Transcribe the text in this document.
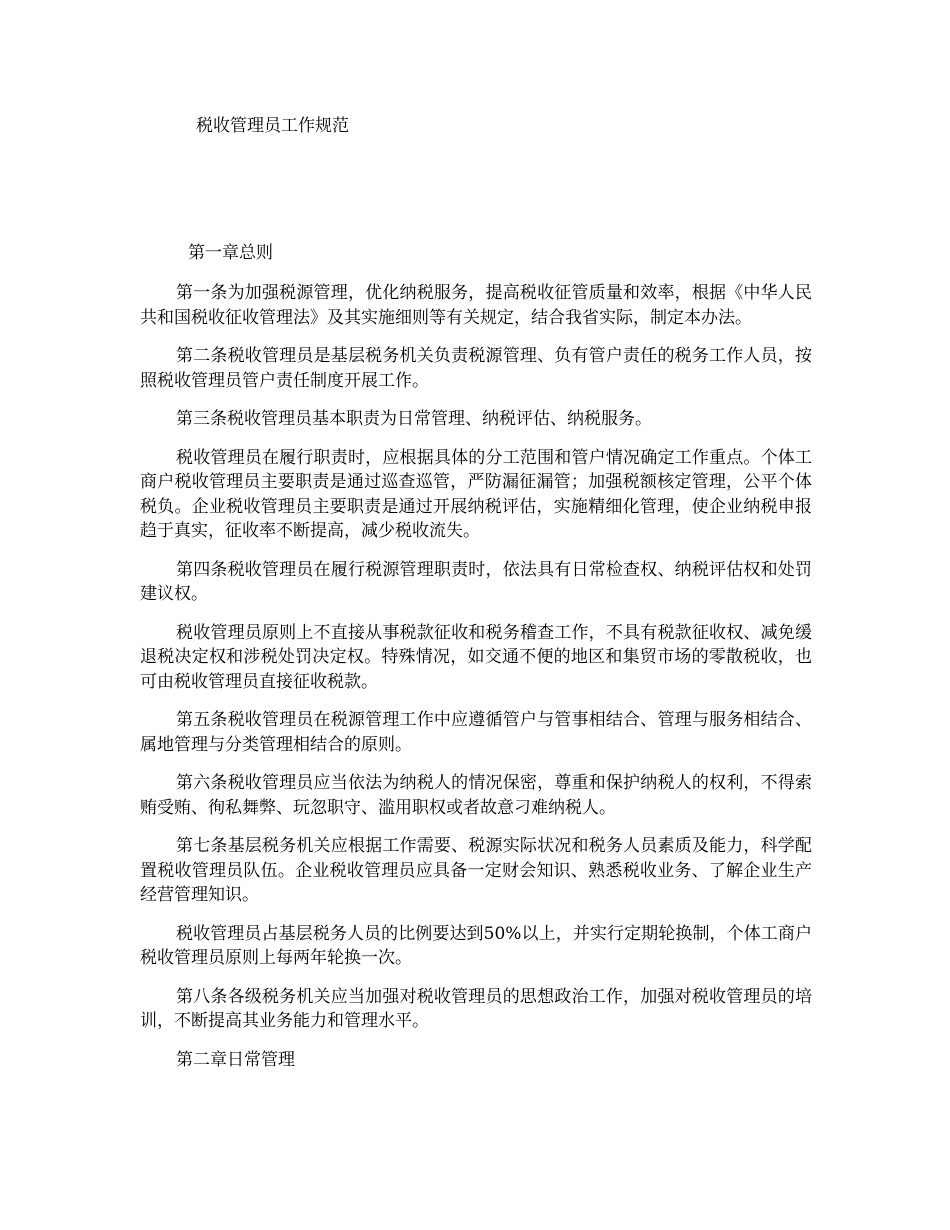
税收管理员工作规范
第一章总则

第一条为加强税源管理，优化纳税服务，提高税收征管质量和效率，根据《中华人民共和国税收征收管理法》及其实施细则等有关规定，结合我省实际，制定本办法。

第二条税收管理员是基层税务机关负责税源管理、负有管户责任的税务工作人员，按照税收管理员管户责任制度开展工作。

第三条税收管理员基本职责为日常管理、纳税评估、纳税服务。

税收管理员在履行职责时，应根据具体的分工范围和管户情况确定工作重点。个体工商户税收管理员主要职责是通过巡查巡管，严防漏征漏管；加强税额核定管理，公平个体税负。企业税收管理员主要职责是通过开展纳税评估，实施精细化管理，使企业纳税申报趋于真实，征收率不断提高，减少税收流失。

第四条税收管理员在履行税源管理职责时，依法具有日常检查权、纳税评估权和处罚建议权。

税收管理员原则上不直接从事税款征收和税务稽查工作，不具有税款征收权、减免缓退税决定权和涉税处罚决定权。特殊情况，如交通不便的地区和集贸市场的零散税收，也可由税收管理员直接征收税款。

第五条税收管理员在税源管理工作中应遵循管户与管事相结合、管理与服务相结合、属地管理与分类管理相结合的原则。

第六条税收管理员应当依法为纳税人的情况保密，尊重和保护纳税人的权利，不得索贿受贿、徇私舞弊、玩忽职守、滥用职权或者故意刁难纳税人。

第七条基层税务机关应根据工作需要、税源实际状况和税务人员素质及能力，科学配置税收管理员队伍。企业税收管理员应具备一定财会知识、熟悉税收业务、了解企业生产经营管理知识。

税收管理员占基层税务人员的比例要达到50%以上，并实行定期轮换制，个体工商户税收管理员原则上每两年轮换一次。

第八条各级税务机关应当加强对税收管理员的思想政治工作，加强对税收管理员的培训，不断提高其业务能力和管理水平。

第二章日常管理
